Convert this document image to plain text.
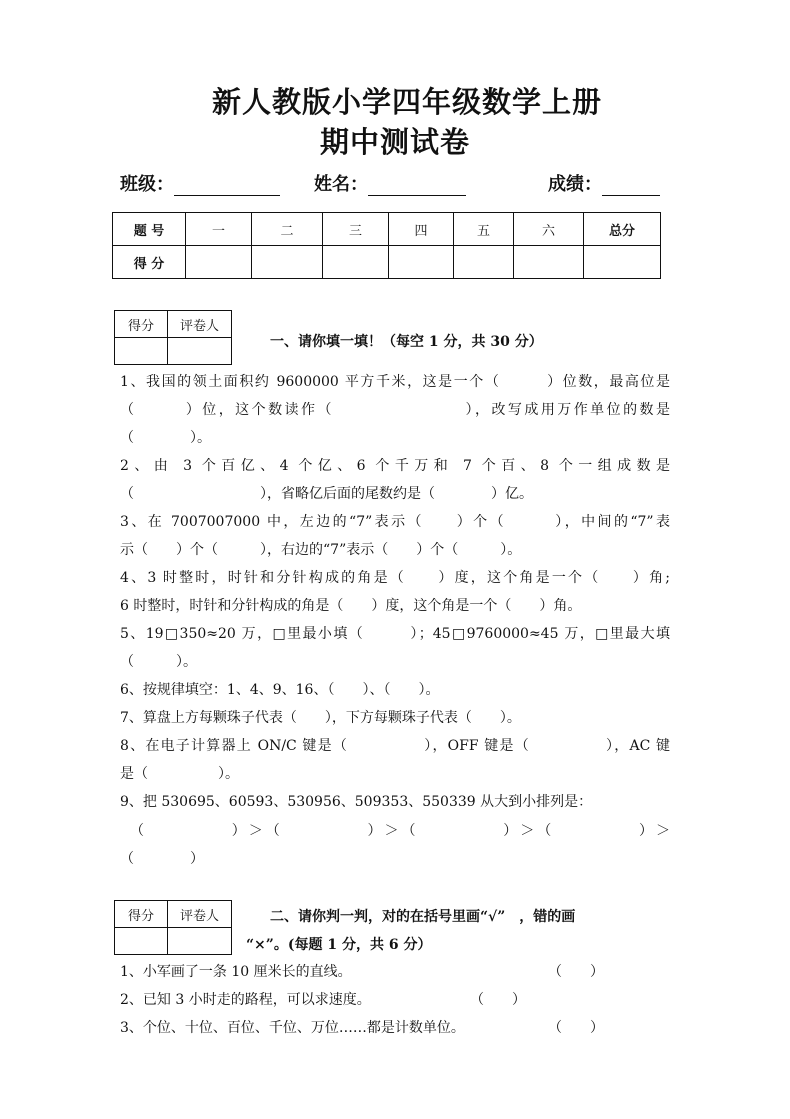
新人教版小学四年级数学上册
期中测试卷
班级：	姓名：	成绩：
题 号	一	二	三	四	五	六	总分
得 分							
得分	评卷人

一、请你填一填！（每空 1 分，共 30 分）
1、我国的领土面积约 9600000 平方千米，这是一个（　　　）位数，最高位是
（　　　）位，这个数读作（　　　　　　　　），改写成用万作单位的数是
（　　　　）。
2、由 3 个百亿、4 个亿、6 个千万和 7 个百、8 个一组成数是
（　　　　　　　　　），省略亿后面的尾数约是（　　　　）亿。
3、在 7007007000 中，左边的“7”表示（　　）个（　　　），中间的“7”表
示（　　）个（　　　），右边的“7”表示（　　）个（　　　）。
4、3 时整时，时针和分针构成的角是（　　）度，这个角是一个（　　）角;
6 时整时，时针和分针构成的角是（　　）度，这个角是一个（　　）角。
5、19□350≈20 万，□里最小填（　　　）；45□9760000≈45 万，□里最大填
（　　　）。
6、按规律填空：1、4、9、16、（　　）、（　　）。
7、算盘上方每颗珠子代表（　　），下方每颗珠子代表（　　）。
8、在电子计算器上 ON/C 键是（　　　　　），OFF 键是（　　　　　），AC 键
是（　　　　　）。
9、把 530695、60593、530956、509353、550339 从大到小排列是：
（　　　　　）＞（　　　　　）＞（　　　　　）＞（　　　　　）＞
（　　　　）
得分	评卷人
		二、请你判一判，对的在括号里画“√”　，错的画
“×”。(每题 1 分，共 6 分）
1、小军画了一条 10 厘米长的直线。	（　　）
2、已知 3 小时走的路程，可以求速度。	（　　）
3、个位、十位、百位、千位、万位……都是计数单位。	（　　）
